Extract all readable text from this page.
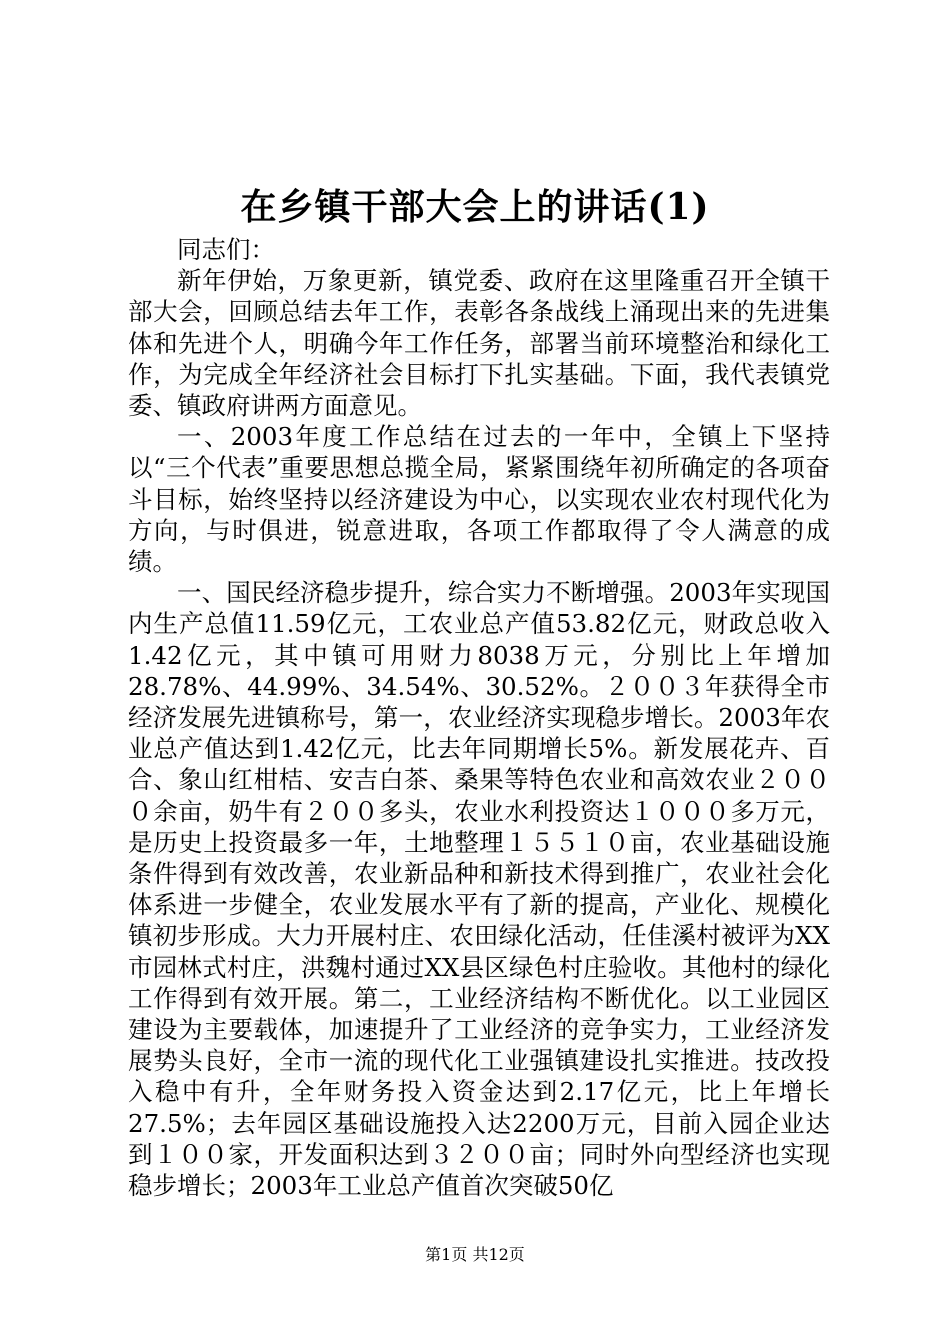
在乡镇干部大会上的讲话(1)

同志们：

新年伊始，万象更新，镇党委、政府在这里隆重召开全镇干部大会，回顾总结去年工作，表彰各条战线上涌现出来的先进集体和先进个人，明确今年工作任务，部署当前环境整治和绿化工作，为完成全年经济社会目标打下扎实基础。下面，我代表镇党委、镇政府讲两方面意见。

一、2003年度工作总结在过去的一年中，全镇上下坚持以“三个代表”重要思想总揽全局，紧紧围绕年初所确定的各项奋斗目标，始终坚持以经济建设为中心，以实现农业农村现代化为方向，与时俱进，锐意进取，各项工作都取得了令人满意的成绩。

一、国民经济稳步提升，综合实力不断增强。2003年实现国内生产总值11.59亿元，工农业总产值53.82亿元，财政总收入1.42亿元，其中镇可用财力8038万元，分别比上年增加28.78%、44.99%、34.54%、30.52%。２００３年获得全市经济发展先进镇称号，第一，农业经济实现稳步增长。2003年农业总产值达到1.42亿元，比去年同期增长5%。新发展花卉、百合、象山红柑桔、安吉白茶、桑果等特色农业和高效农业２０００余亩，奶牛有２００多头，农业水利投资达１０００多万元，是历史上投资最多一年，土地整理１５５１０亩，农业基础设施条件得到有效改善，农业新品种和新技术得到推广，农业社会化体系进一步健全，农业发展水平有了新的提高，产业化、规模化镇初步形成。大力开展村庄、农田绿化活动，任佳溪村被评为XX市园林式村庄，洪魏村通过XX县区绿色村庄验收。其他村的绿化工作得到有效开展。第二，工业经济结构不断优化。以工业园区建设为主要载体，加速提升了工业经济的竞争实力，工业经济发展势头良好，全市一流的现代化工业强镇建设扎实推进。技改投入稳中有升，全年财务投入资金达到2.17亿元，比上年增长27.5%；去年园区基础设施投入达2200万元，目前入园企业达到１００家，开发面积达到３２００亩；同时外向型经济也实现稳步增长；2003年工业总产值首次突破50亿

第1页 共12页
